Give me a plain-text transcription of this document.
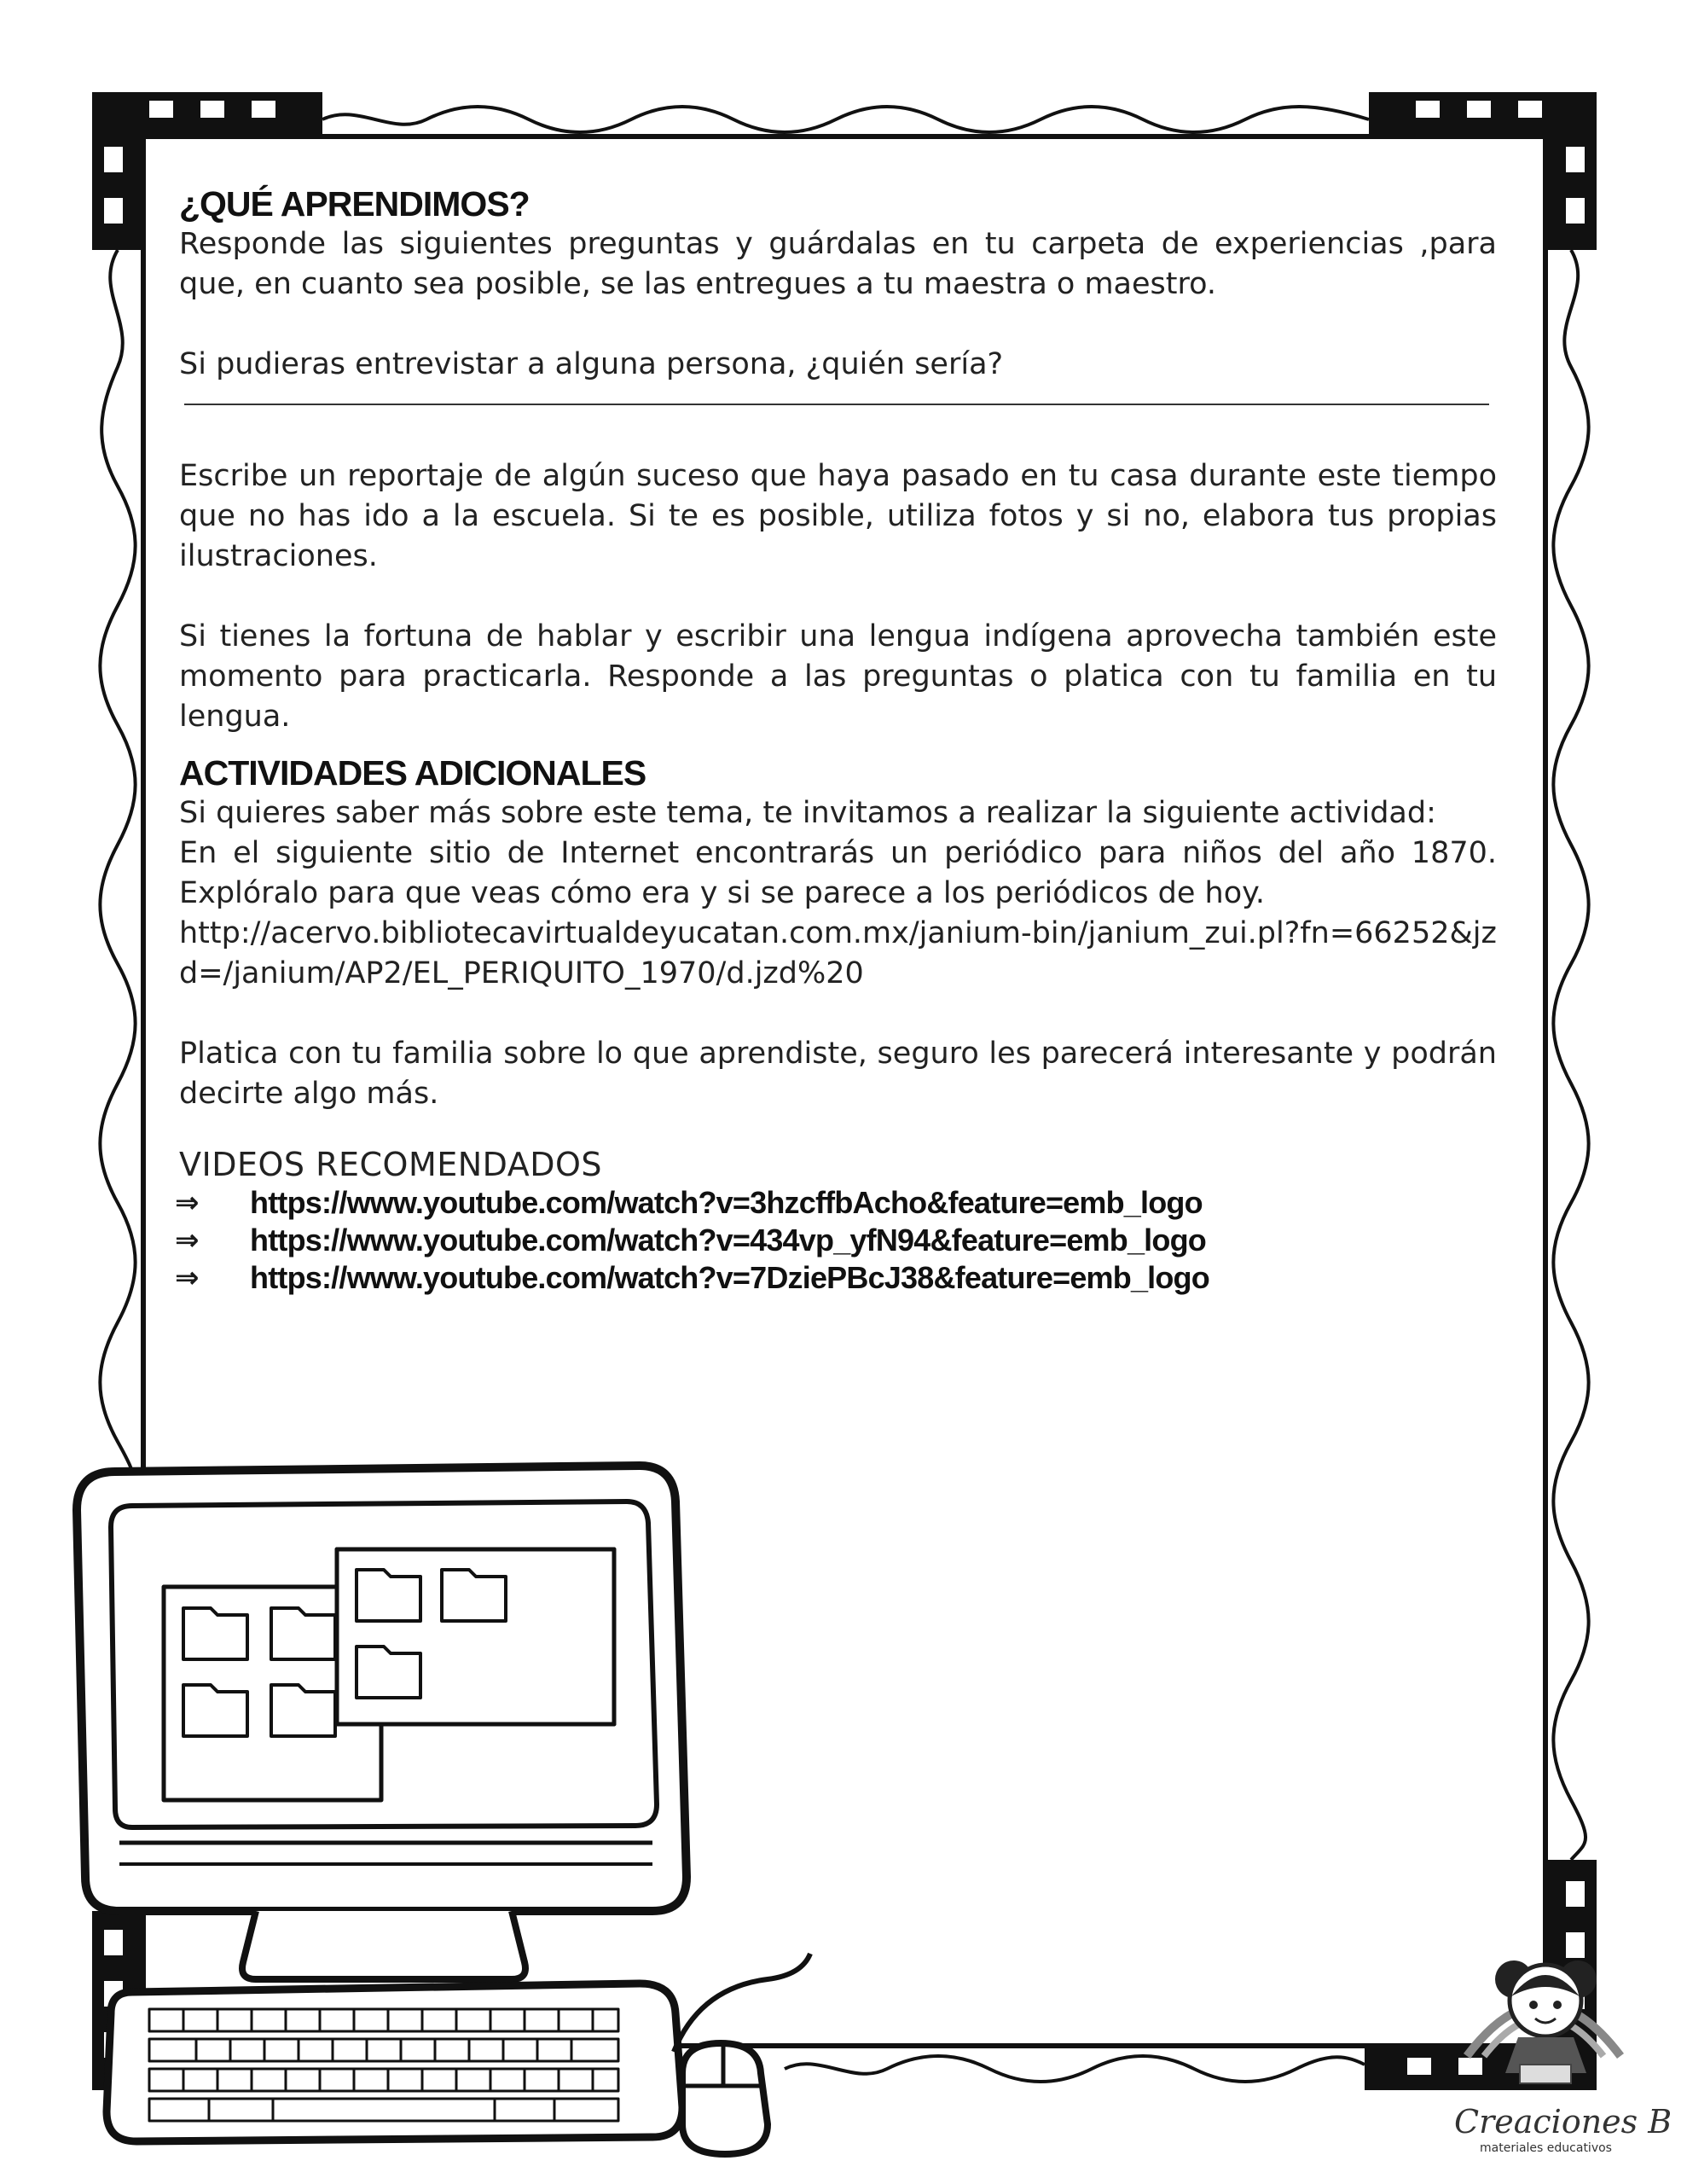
Creaciones B
materiales educativos
¿QUÉ APRENDIMOS?

Responde las siguientes preguntas y guárdalas en tu carpeta de experiencias ,para que, en cuanto sea posible, se las entregues a tu maestra o maestro.

Si pudieras entrevistar a alguna persona, ¿quién sería?

Escribe un reportaje de algún suceso que haya pasado en tu casa durante este tiempo que no has ido a la escuela. Si te es posible, utiliza fotos y si no, elabora tus propias ilustraciones.

Si tienes la fortuna de hablar y escribir una lengua indígena aprovecha también este momento para practicarla. Responde a las preguntas o platica con tu familia en tu lengua.

ACTIVIDADES ADICIONALES

Si quieres saber más sobre este tema, te invitamos a realizar la siguiente actividad:

En el siguiente sitio de Internet encontrarás un periódico para niños del año 1870. Explóralo para que veas cómo era y si se parece a los periódicos de hoy.

http://acervo.bibliotecavirtualdeyucatan.com.mx/janium-bin/janium_zui.pl?fn=66252&jzd=/janium/AP2/EL_PERIQUITO_1970/d.jzd%20

Platica con tu familia sobre lo que aprendiste, seguro les parecerá interesante y podrán decirte algo más.

VIDEOS RECOMENDADOS

⇒	https://www.youtube.com/watch?v=3hzcffbAcho&feature=emb_logo
⇒	https://www.youtube.com/watch?v=434vp_yfN94&feature=emb_logo
⇒	https://www.youtube.com/watch?v=7DziePBcJ38&feature=emb_logo
